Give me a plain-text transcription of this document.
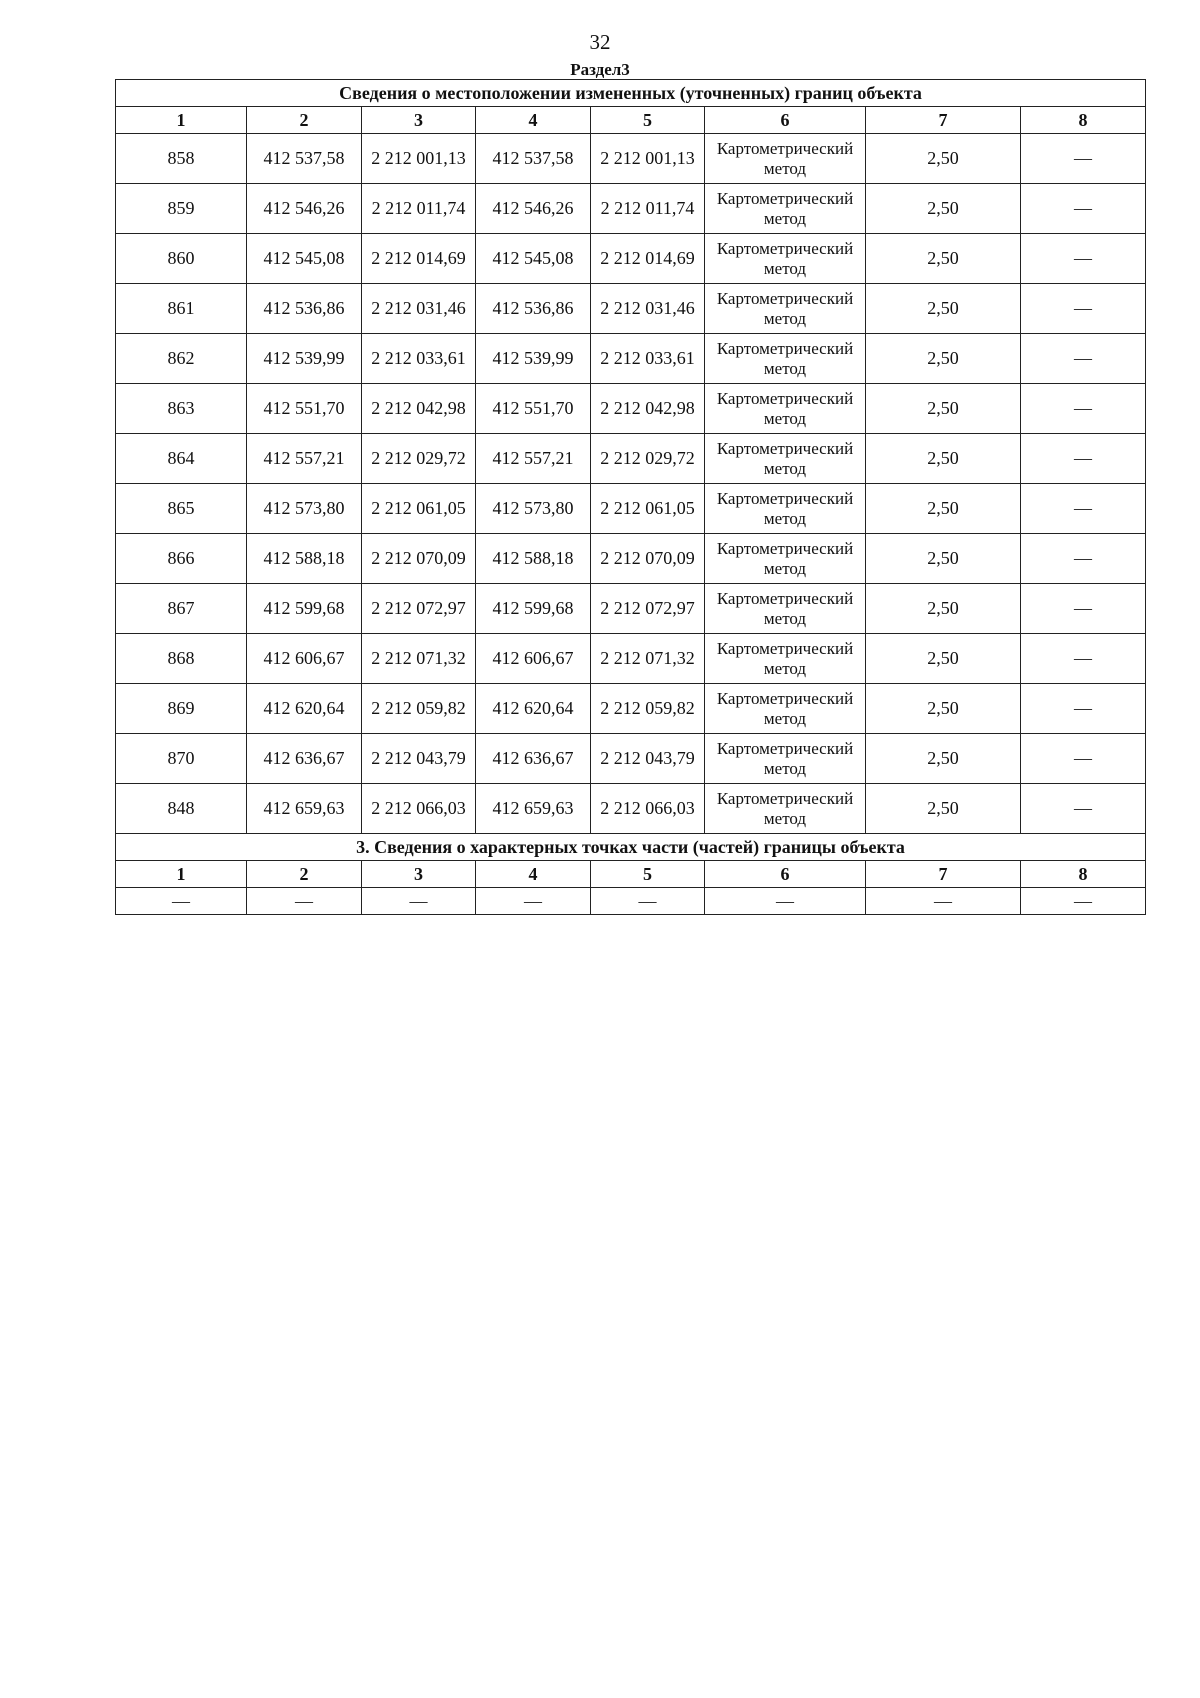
32
Раздел3
Сведения о местоположении измененных (уточненных) границ объекта							
1	2	3	4	5	6	7	8
858	412 537,58	2 212 001,13	412 537,58	2 212 001,13	Картометрический метод	2,50	—
859	412 546,26	2 212 011,74	412 546,26	2 212 011,74	Картометрический метод	2,50	—
860	412 545,08	2 212 014,69	412 545,08	2 212 014,69	Картометрический метод	2,50	—
861	412 536,86	2 212 031,46	412 536,86	2 212 031,46	Картометрический метод	2,50	—
862	412 539,99	2 212 033,61	412 539,99	2 212 033,61	Картометрический метод	2,50	—
863	412 551,70	2 212 042,98	412 551,70	2 212 042,98	Картометрический метод	2,50	—
864	412 557,21	2 212 029,72	412 557,21	2 212 029,72	Картометрический метод	2,50	—
865	412 573,80	2 212 061,05	412 573,80	2 212 061,05	Картометрический метод	2,50	—
866	412 588,18	2 212 070,09	412 588,18	2 212 070,09	Картометрический метод	2,50	—
867	412 599,68	2 212 072,97	412 599,68	2 212 072,97	Картометрический метод	2,50	—
868	412 606,67	2 212 071,32	412 606,67	2 212 071,32	Картометрический метод	2,50	—
869	412 620,64	2 212 059,82	412 620,64	2 212 059,82	Картометрический метод	2,50	—
870	412 636,67	2 212 043,79	412 636,67	2 212 043,79	Картометрический метод	2,50	—
848	412 659,63	2 212 066,03	412 659,63	2 212 066,03	Картометрический метод	2,50	—
3. Сведения о характерных точках части (частей) границы объекта							
1	2	3	4	5	6	7	8
—	—	—	—	—	—	—	—
